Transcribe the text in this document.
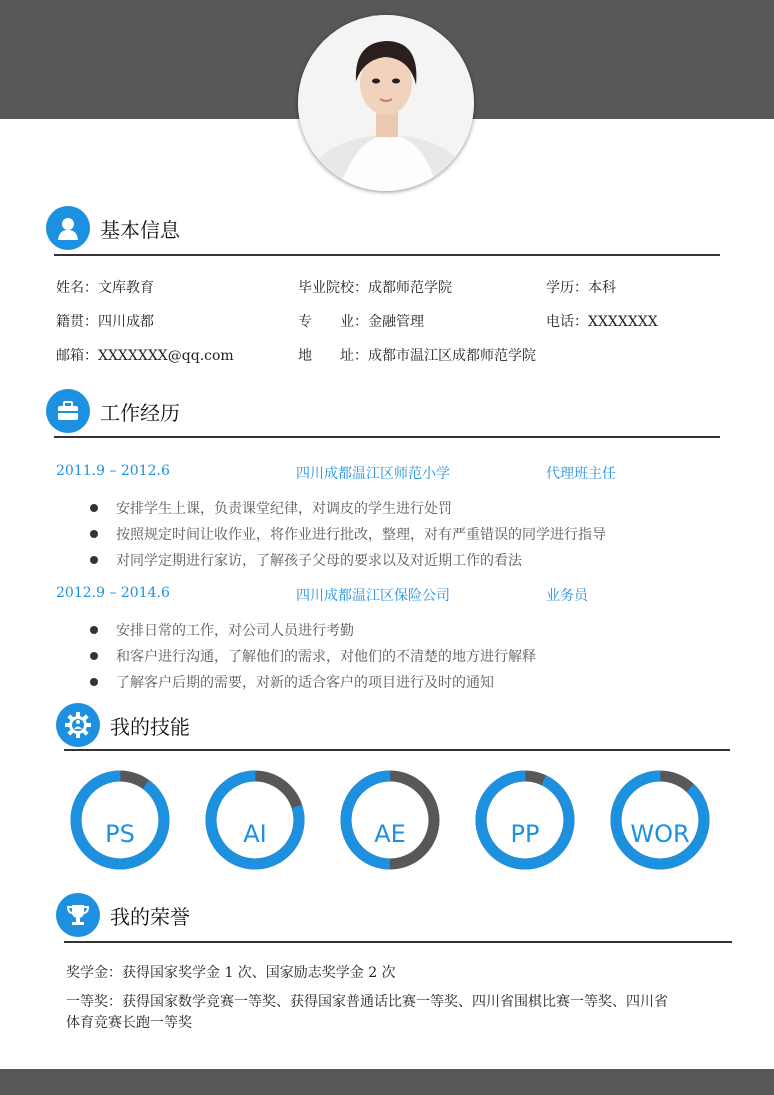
基本信息
姓名：文库教育	毕业院校：成都师范学院	学历：本科
籍贯：四川成都	专　　业：金融管理	电话：XXXXXXX
邮箱：XXXXXXX@qq.com	地　　址：成都市温江区成都师范学院
工作经历
2011.9 – 2012.6	四川成都温江区师范小学	代理班主任
安排学生上课，负责课堂纪律，对调皮的学生进行处罚
按照规定时间让收作业，将作业进行批改，整理，对有严重错误的同学进行指导
对同学定期进行家访，了解孩子父母的要求以及对近期工作的看法
2012.9 – 2014.6	四川成都温江区保险公司	业务员
安排日常的工作，对公司人员进行考勤
和客户进行沟通，了解他们的需求，对他们的不清楚的地方进行解释
了解客户后期的需要，对新的适合客户的项目进行及时的通知
我的技能
PS	AI	AE	PP	WOR
我的荣誉
奖学金：获得国家奖学金 1 次、国家励志奖学金 2 次
一等奖：获得国家数学竞赛一等奖、获得国家普通话比赛一等奖、四川省围棋比赛一等奖、四川省
体育竞赛长跑一等奖
